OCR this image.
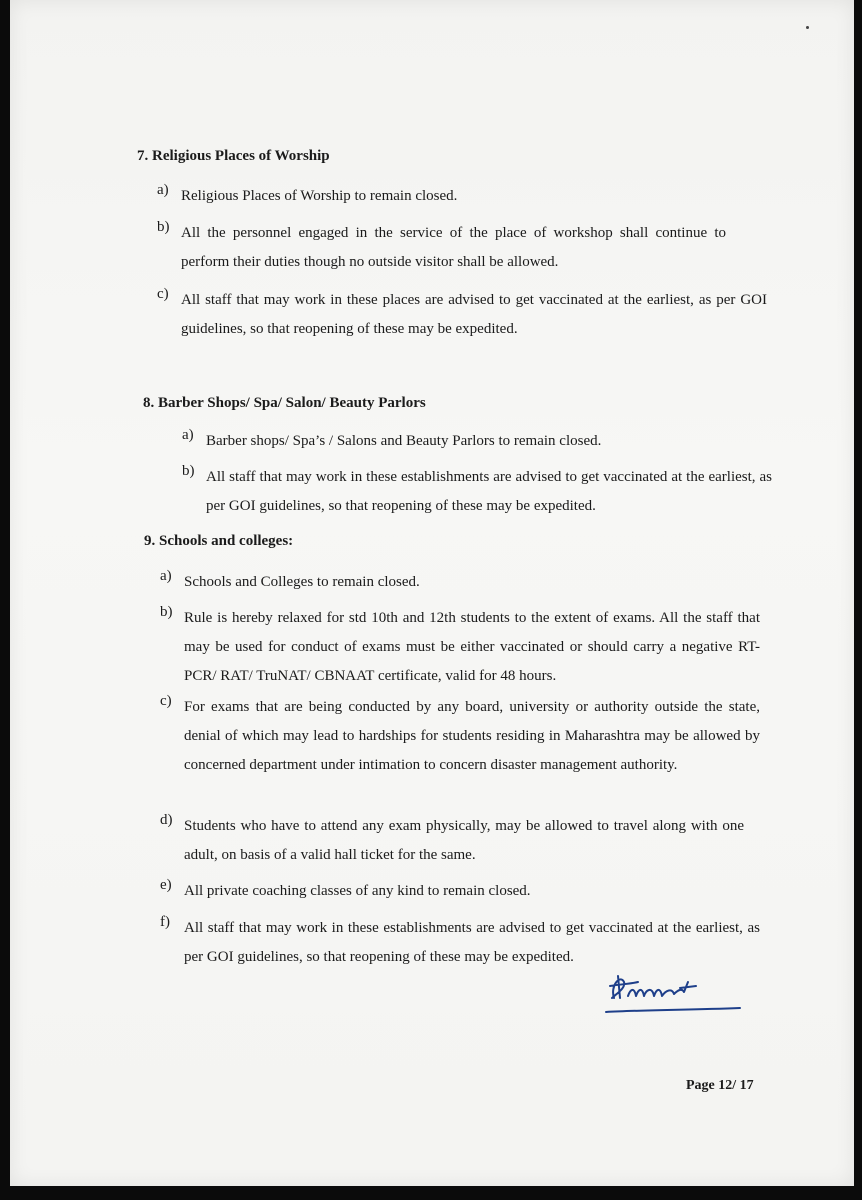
7. Religious Places of Worship
a) Religious Places of Worship to remain closed.
b) All the personnel engaged in the service of the place of workshop shall continue to perform their duties though no outside visitor shall be allowed.
c) All staff that may work in these places are advised to get vaccinated at the earliest, as per GOI guidelines, so that reopening of these may be expedited.
8. Barber Shops/ Spa/ Salon/ Beauty Parlors
a) Barber shops/ Spa’s / Salons and Beauty Parlors to remain closed.
b) All staff that may work in these establishments are advised to get vaccinated at the earliest, as per GOI guidelines, so that reopening of these may be expedited.
9. Schools and colleges:
a) Schools and Colleges to remain closed.
b) Rule is hereby relaxed for std 10th and 12th students to the extent of exams. All the staff that may be used for conduct of exams must be either vaccinated or should carry a negative RT-PCR/ RAT/ TruNAT/ CBNAAT certificate, valid for 48 hours.
c) For exams that are being conducted by any board, university or authority outside the state, denial of which may lead to hardships for students residing in Maharashtra may be allowed by concerned department under intimation to concern disaster management authority.
d) Students who have to attend any exam physically, may be allowed to travel along with one adult, on basis of a valid hall ticket for the same.
e) All private coaching classes of any kind to remain closed.
f) All staff that may work in these establishments are advised to get vaccinated at the earliest, as per GOI guidelines, so that reopening of these may be expedited.
Page 12/ 17
